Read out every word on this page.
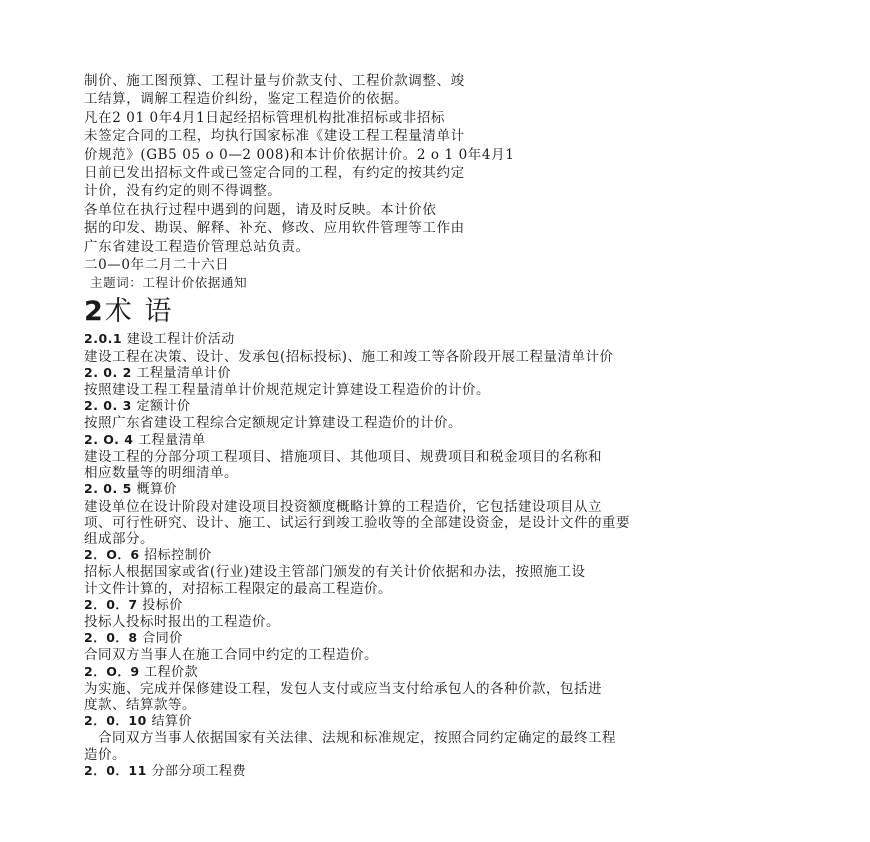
制价、施工图预算、工程计量与价款支付、工程价款调整、竣
工结算，调解工程造价纠纷，鉴定工程造价的依据。
凡在2 01 0年4月1日起经招标管理机构批准招标或非招标
未签定合同的工程，均执行国家标准《建设工程工程量清单计
价规范》(GB5 05 o 0—2 008)和本计价依据计价。2 o 1 0年4月1
日前已发出招标文件或已签定合同的工程，有约定的按其约定
计价，没有约定的则不得调整。
各单位在执行过程中遇到的问题，请及时反映。本计价依
据的印发、勘误、解释、补充、修改、应用软件管理等工作由
广东省建设工程造价管理总站负责。
二0—0年二月二十六日
主题词：工程计价依据通知
2术 语
2.0.1 建设工程计价活动
建设工程在决策、设计、发承包(招标投标)、施工和竣工等各阶段开展工程量清单计价
2. 0. 2 工程量清单计价
按照建设工程工程量清单计价规范规定计算建设工程造价的计价。
2. 0. 3 定额计价
按照广东省建设工程综合定额规定计算建设工程造价的计价。
2. O. 4 工程量清单
建设工程的分部分项工程项目、措施项目、其他项目、规费项目和税金项目的名称和
相应数量等的明细清单。
2. 0. 5 概算价
建设单位在设计阶段对建设项目投资额度概略计算的工程造价，它包括建设项目从立
项、可行性研究、设计、施工、试运行到竣工验收等的全部建设资金，是设计文件的重要
组成部分。
2．O．6 招标控制价
招标人根据国家或省(行业)建设主管部门颁发的有关计价依据和办法，按照施工设
计文件计算的，对招标工程限定的最高工程造价。
2．0．7 投标价
投标人投标时报出的工程造价。
2．0．8 合同价
合同双方当事人在施工合同中约定的工程造价。
2．O．9 工程价款
为实施、完成并保修建设工程，发包人支付或应当支付给承包人的各种价款，包括进
度款、结算款等。
2．0．10 结算价
合同双方当事人依据国家有关法律、法规和标准规定，按照合同约定确定的最终工程
造价。
2．0．11 分部分项工程费
